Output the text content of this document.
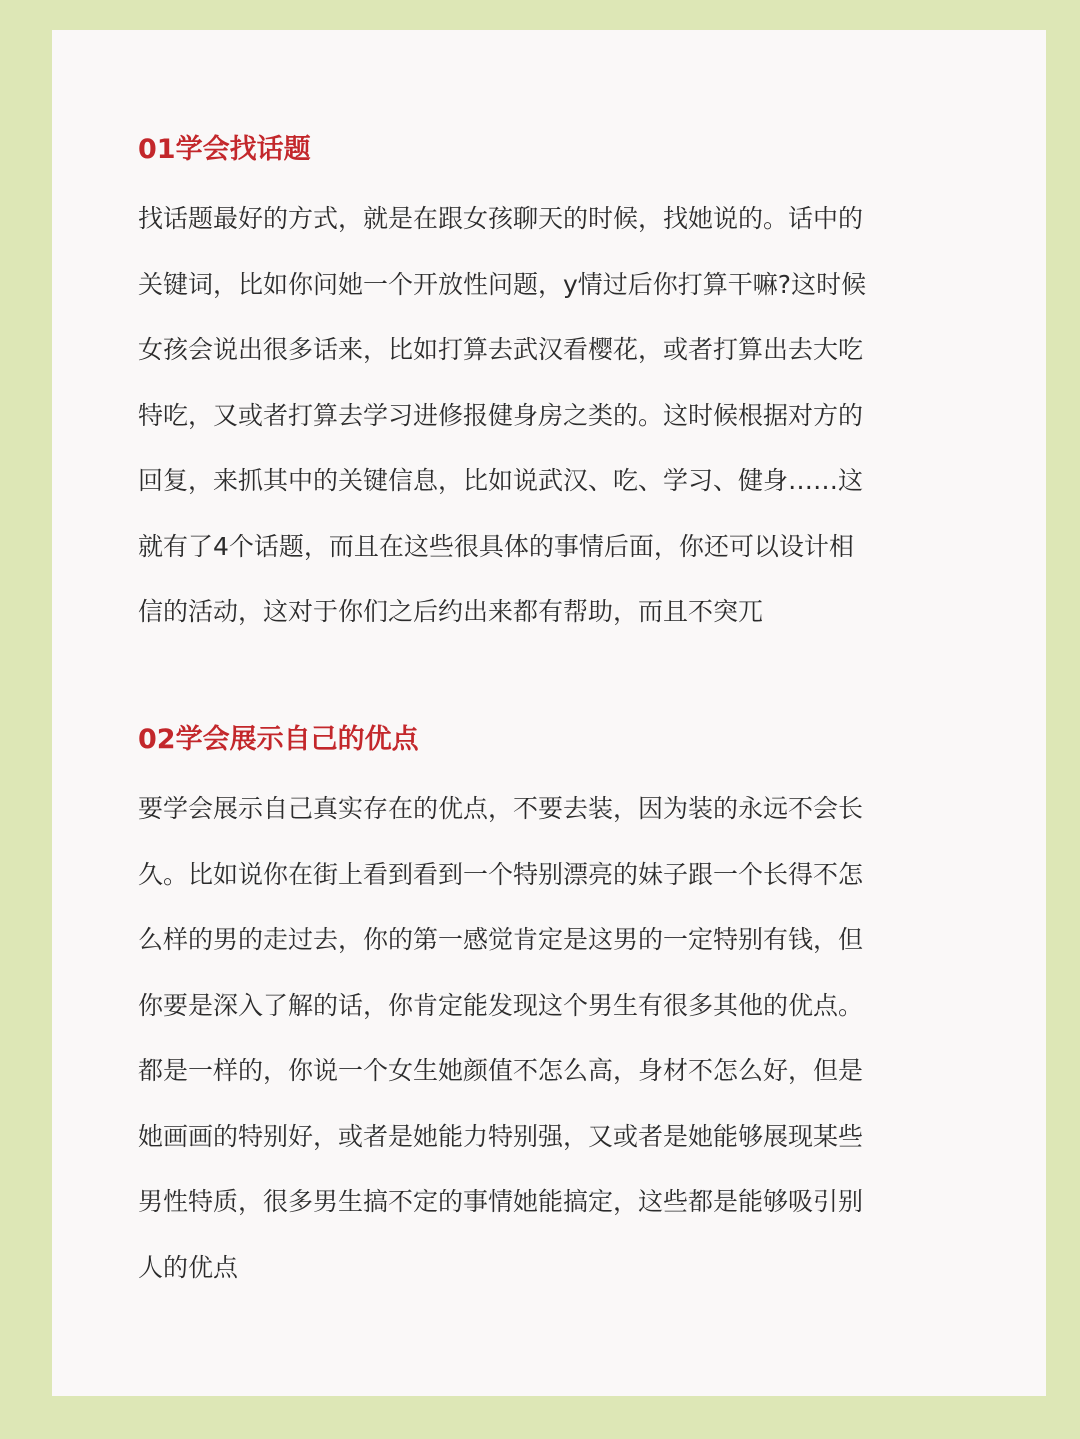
01学会找话题
找话题最好的方式，就是在跟女孩聊天的时候，找她说的。话中的
关键词，比如你问她一个开放性问题，y情过后你打算干嘛?这时候
女孩会说出很多话来，比如打算去武汉看樱花，或者打算出去大吃
特吃，又或者打算去学习进修报健身房之类的。这时候根据对方的
回复，来抓其中的关键信息，比如说武汉、吃、学习、健身……这
就有了4个话题，而且在这些很具体的事情后面，你还可以设计相
信的活动，这对于你们之后约出来都有帮助，而且不突兀
02学会展示自己的优点
要学会展示自己真实存在的优点，不要去装，因为装的永远不会长
久。比如说你在街上看到看到一个特别漂亮的妹子跟一个长得不怎
么样的男的走过去，你的第一感觉肯定是这男的一定特别有钱，但
你要是深入了解的话，你肯定能发现这个男生有很多其他的优点。
都是一样的，你说一个女生她颜值不怎么高，身材不怎么好，但是
她画画的特别好，或者是她能力特别强，又或者是她能够展现某些
男性特质，很多男生搞不定的事情她能搞定，这些都是能够吸引别
人的优点
